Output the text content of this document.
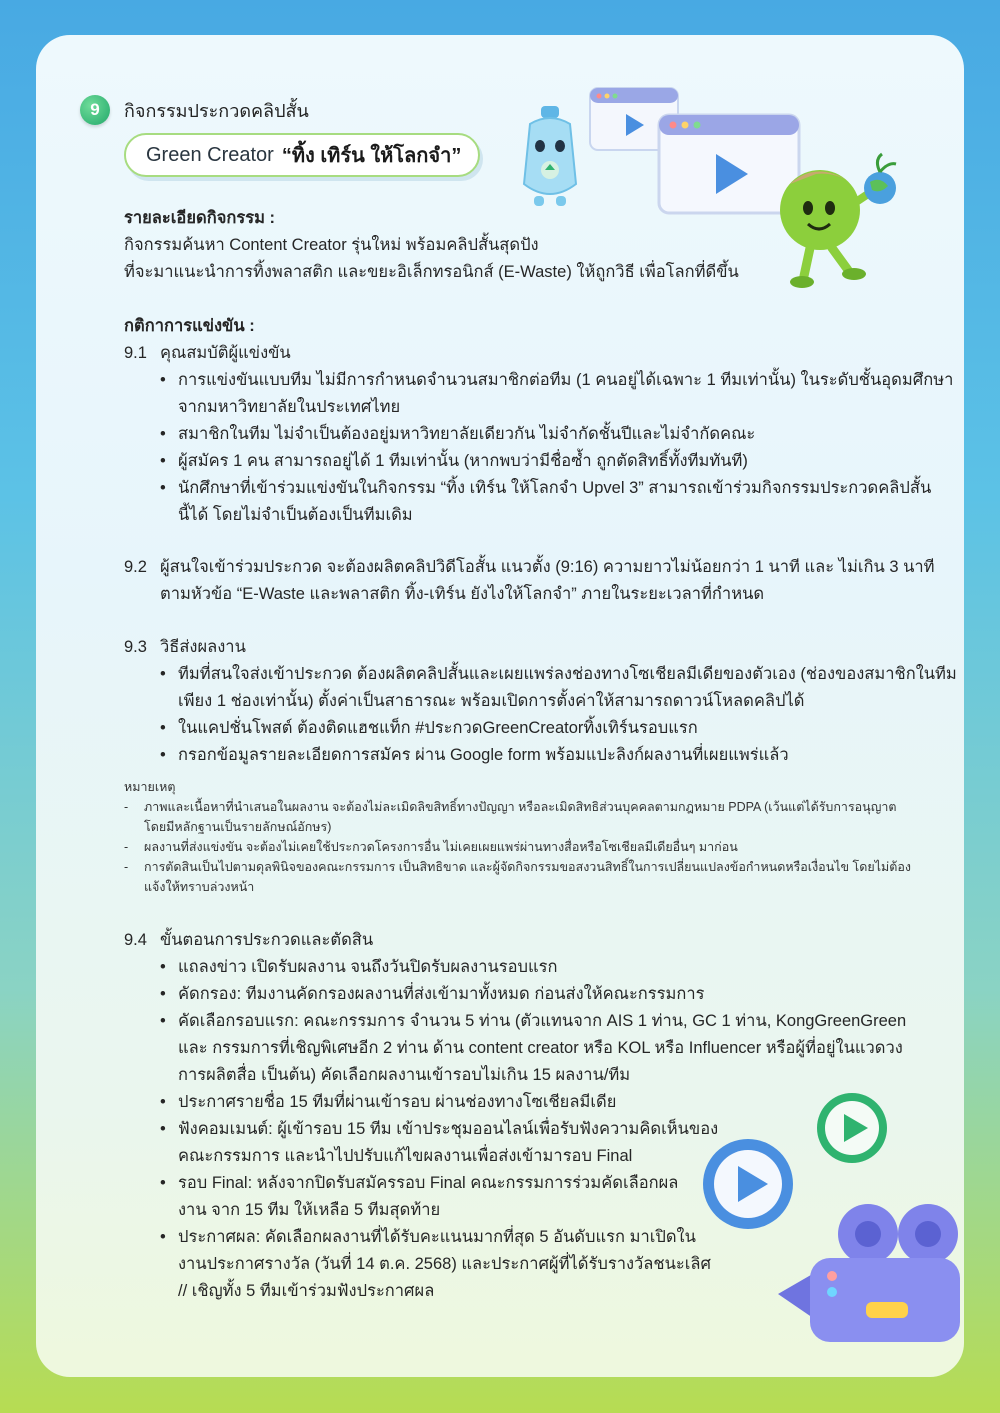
9	กิจกรรมประกวดคลิปสั้น
Green Creator “ทิ้ง เทิร์น ให้โลกจำ”
รายละเอียดกิจกรรม :
กิจกรรมค้นหา Content Creator รุ่นใหม่ พร้อมคลิปสั้นสุดปัง
ที่จะมาแนะนำการทิ้งพลาสติก และขยะอิเล็กทรอนิกส์ (E-Waste) ให้ถูกวิธี เพื่อโลกที่ดีขึ้น
กติกาการแข่งขัน :
9.1 คุณสมบัติผู้แข่งขัน
• การแข่งขันแบบทีม ไม่มีการกำหนดจำนวนสมาชิกต่อทีม (1 คนอยู่ได้เฉพาะ 1 ทีมเท่านั้น) ในระดับชั้นอุดมศึกษา
จากมหาวิทยาลัยในประเทศไทย
• สมาชิกในทีม ไม่จำเป็นต้องอยู่มหาวิทยาลัยเดียวกัน ไม่จำกัดชั้นปีและไม่จำกัดคณะ
• ผู้สมัคร 1 คน สามารถอยู่ได้ 1 ทีมเท่านั้น (หากพบว่ามีชื่อซ้ำ ถูกตัดสิทธิ์ทั้งทีมทันที)
• นักศึกษาที่เข้าร่วมแข่งขันในกิจกรรม “ทิ้ง เทิร์น ให้โลกจำ Upvel 3” สามารถเข้าร่วมกิจกรรมประกวดคลิปสั้น
นี้ได้ โดยไม่จำเป็นต้องเป็นทีมเดิม
9.2 ผู้สนใจเข้าร่วมประกวด จะต้องผลิตคลิปวิดีโอสั้น แนวตั้ง (9:16) ความยาวไม่น้อยกว่า 1 นาที และ ไม่เกิน 3 นาที
ตามหัวข้อ “E-Waste และพลาสติก ทิ้ง-เทิร์น ยังไงให้โลกจำ” ภายในระยะเวลาที่กำหนด
9.3 วิธีส่งผลงาน
• ทีมที่สนใจส่งเข้าประกวด ต้องผลิตคลิปสั้นและเผยแพร่ลงช่องทางโซเชียลมีเดียของตัวเอง (ช่องของสมาชิกในทีม
เพียง 1 ช่องเท่านั้น) ตั้งค่าเป็นสาธารณะ พร้อมเปิดการตั้งค่าให้สามารถดาวน์โหลดคลิปได้
• ในแคปชั่นโพสต์ ต้องติดแฮชแท็ก #ประกวดGreenCreatorทิ้งเทิร์นรอบแรก
• กรอกข้อมูลรายละเอียดการสมัคร ผ่าน Google form พร้อมแปะลิงก์ผลงานที่เผยแพร่แล้ว
หมายเหตุ
- ภาพและเนื้อหาที่นำเสนอในผลงาน จะต้องไม่ละเมิดลิขสิทธิ์ทางปัญญา หรือละเมิดสิทธิส่วนบุคคลตามกฎหมาย PDPA (เว้นแต่ได้รับการอนุญาต
โดยมีหลักฐานเป็นรายลักษณ์อักษร)
- ผลงานที่ส่งแข่งขัน จะต้องไม่เคยใช้ประกวดโครงการอื่น ไม่เคยเผยแพร่ผ่านทางสื่อหรือโซเชียลมีเดียอื่นๆ มาก่อน
- การตัดสินเป็นไปตามดุลพินิจของคณะกรรมการ เป็นสิทธิขาด และผู้จัดกิจกรรมขอสงวนสิทธิ์ในการเปลี่ยนแปลงข้อกำหนดหรือเงื่อนไข โดยไม่ต้อง
แจ้งให้ทราบล่วงหน้า
9.4 ขั้นตอนการประกวดและตัดสิน
• แถลงข่าว เปิดรับผลงาน จนถึงวันปิดรับผลงานรอบแรก
• คัดกรอง: ทีมงานคัดกรองผลงานที่ส่งเข้ามาทั้งหมด ก่อนส่งให้คณะกรรมการ
• คัดเลือกรอบแรก: คณะกรรมการ จำนวน 5 ท่าน (ตัวแทนจาก AIS 1 ท่าน, GC 1 ท่าน, KongGreenGreen
และ กรรมการที่เชิญพิเศษอีก 2 ท่าน ด้าน content creator หรือ KOL หรือ Influencer หรือผู้ที่อยู่ในแวดวง
การผลิตสื่อ เป็นต้น) คัดเลือกผลงานเข้ารอบไม่เกิน 15 ผลงาน/ทีม
• ประกาศรายชื่อ 15 ทีมที่ผ่านเข้ารอบ ผ่านช่องทางโซเชียลมีเดีย
• ฟังคอมเมนต์: ผู้เข้ารอบ 15 ทีม เข้าประชุมออนไลน์เพื่อรับฟังความคิดเห็นของ
คณะกรรมการ และนำไปปรับแก้ไขผลงานเพื่อส่งเข้ามารอบ Final
• รอบ Final: หลังจากปิดรับสมัครรอบ Final คณะกรรมการร่วมคัดเลือกผล
งาน จาก 15 ทีม ให้เหลือ 5 ทีมสุดท้าย
• ประกาศผล: คัดเลือกผลงานที่ได้รับคะแนนมากที่สุด 5 อันดับแรก มาเปิดใน
งานประกาศรางวัล (วันที่ 14 ต.ค. 2568) และประกาศผู้ที่ได้รับรางวัลชนะเลิศ
// เชิญทั้ง 5 ทีมเข้าร่วมฟังประกาศผล
